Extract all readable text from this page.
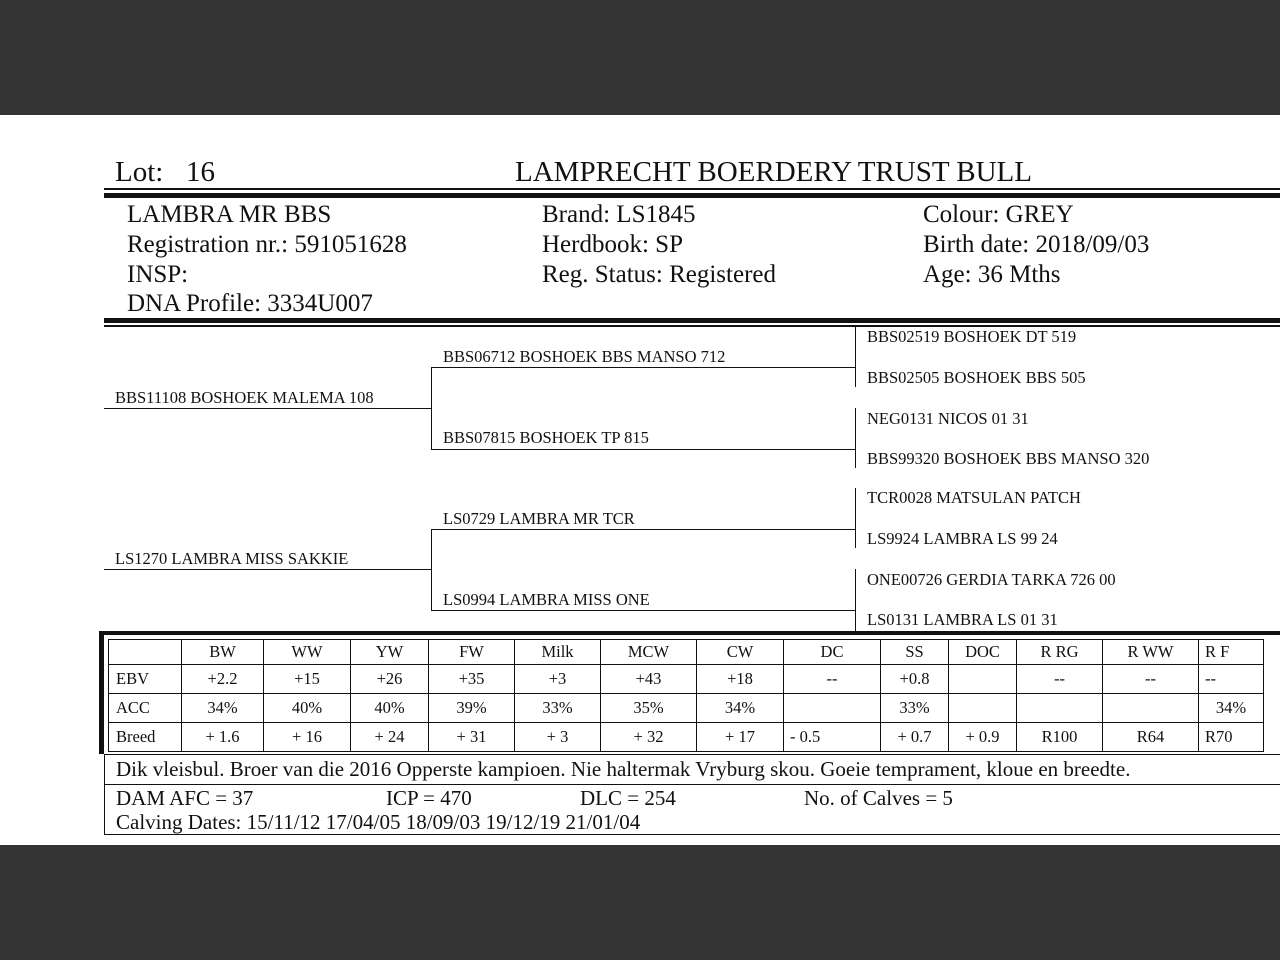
Lot: 16	LAMPRECHT BOERDERY TRUST BULL
LAMBRA MR BBS
Registration nr.: 591051628
INSP:
DNA Profile: 3334U007
Brand: LS1845
Herdbook: SP
Reg. Status: Registered
Colour: GREY
Birth date: 2018/09/03
Age: 36 Mths
BBS11108 BOSHOEK MALEMA 108
LS1270 LAMBRA MISS SAKKIE
BBS06712 BOSHOEK BBS MANSO 712
BBS07815 BOSHOEK TP 815
LS0729 LAMBRA MR TCR
LS0994 LAMBRA MISS ONE
BBS02519 BOSHOEK DT 519
BBS02505 BOSHOEK BBS 505
NEG0131 NICOS 01 31
BBS99320 BOSHOEK BBS MANSO 320
TCR0028 MATSULAN PATCH
LS9924 LAMBRA LS 99 24
ONE00726 GERDIA TARKA 726 00
LS0131 LAMBRA LS 01 31
	BW	WW	YW	FW	Milk	MCW	CW	DC	SS	DOC	R RG	R WW	R F
EBV	+2.2	+15	+26	+35	+3	+43	+18	--	+0.8		--	--	--
ACC	34%	40%	40%	39%	33%	35%	34%		33%				34%
Breed	+ 1.6	+ 16	+ 24	+ 31	+ 3	+ 32	+ 17	- 0.5	+ 0.7	+ 0.9	R100	R64	R70
Dik vleisbul. Broer van die 2016 Opperste kampioen. Nie haltermak Vryburg skou. Goeie temprament, kloue en breedte.
DAM AFC = 37	ICP = 470	DLC = 254	No. of Calves = 5
Calving Dates: 15/11/12 17/04/05 18/09/03 19/12/19 21/01/04
